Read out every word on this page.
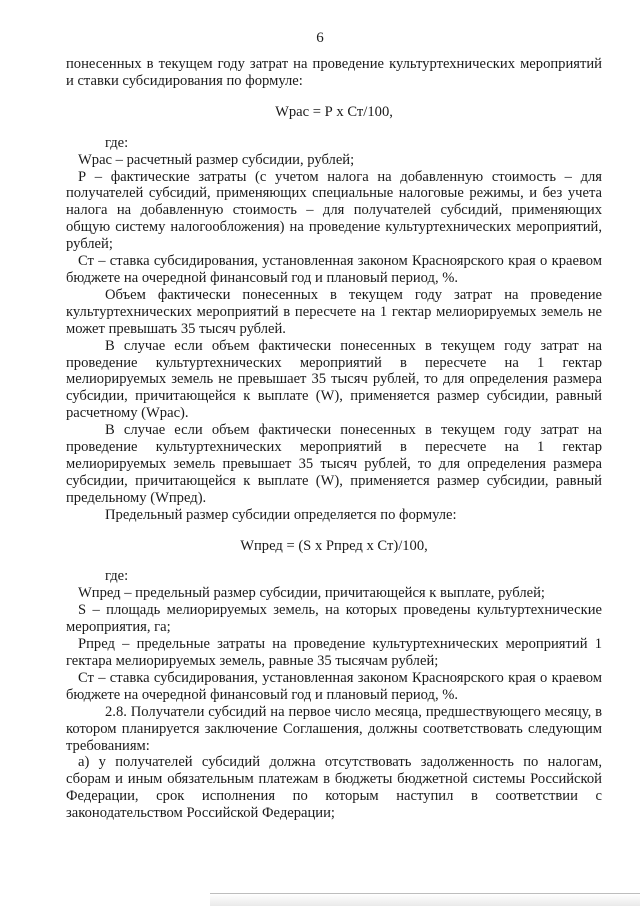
6

понесенных в текущем году затрат на проведение культуртехнических мероприятий и ставки субсидирования по формуле:

Wрас = Р х Ст/100,

где:

Wрас – расчетный размер субсидии, рублей;

Р – фактические затраты (с учетом налога на добавленную стоимость – для получателей субсидий, применяющих специальные налоговые режимы, и без учета налога на добавленную стоимость – для получателей субсидий, применяющих общую систему налогообложения) на проведение культуртехнических мероприятий, рублей;

Ст – ставка субсидирования, установленная законом Красноярского края о краевом бюджете на очередной финансовый год и плановый период, %.

Объем фактически понесенных в текущем году затрат на проведение культуртехнических мероприятий в пересчете на 1 гектар мелиорируемых земель не может превышать 35 тысяч рублей.

В случае если объем фактически понесенных в текущем году затрат на проведение культуртехнических мероприятий в пересчете на 1 гектар мелиорируемых земель не превышает 35 тысяч рублей, то для определения размера субсидии, причитающейся к выплате (W), применяется размер субсидии, равный расчетному (Wрас).

В случае если объем фактически понесенных в текущем году затрат на проведение культуртехнических мероприятий в пересчете на 1 гектар мелиорируемых земель превышает 35 тысяч рублей, то для определения размера субсидии, причитающейся к выплате (W), применяется размер субсидии, равный предельному (Wпред).

Предельный размер субсидии определяется по формуле:

Wпред = (S х Рпред х Ст)/100,

где:

Wпред – предельный размер субсидии, причитающейся к выплате, рублей;

S – площадь мелиорируемых земель, на которых проведены культуртехнические мероприятия, га;

Рпред – предельные затраты на проведение культуртехнических мероприятий 1 гектара мелиорируемых земель, равные 35 тысячам рублей;

Ст – ставка субсидирования, установленная законом Красноярского края о краевом бюджете на очередной финансовый год и плановый период, %.

2.8. Получатели субсидий на первое число месяца, предшествующего месяцу, в котором планируется заключение Соглашения, должны соответствовать следующим требованиям:

а) у получателей субсидий должна отсутствовать задолженность по налогам, сборам и иным обязательным платежам в бюджеты бюджетной системы Российской Федерации, срок исполнения по которым наступил в соответствии с законодательством Российской Федерации;
